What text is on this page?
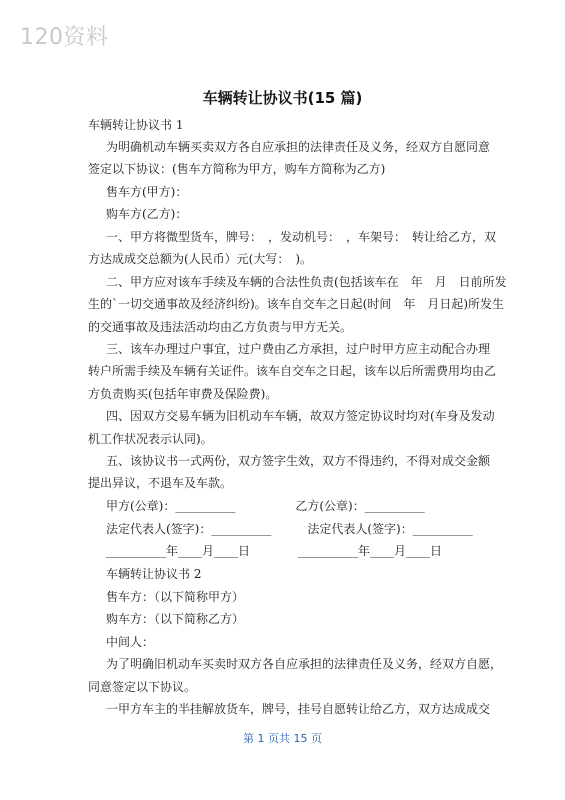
120资料
车辆转让协议书(15 篇)
车辆转让协议书 1
为明确机动车辆买卖双方各自应承担的法律责任及义务，经双方自愿同意
签定以下协议：(售车方简称为甲方，购车方简称为乙方)
售车方(甲方)：
购车方(乙方)：
一、甲方将微型货车，牌号：　，发动机号：　，车架号：　转让给乙方，双
方达成成交总额为(人民币）元(大写：　)。
二、甲方应对该车手续及车辆的合法性负责(包括该车在　年　月　日前所发
生的`一切交通事故及经济纠纷)。该车自交车之日起(时间　年　月日起)所发生
的交通事故及违法活动均由乙方负责与甲方无关。
三、该车办理过户事宜，过户费由乙方承担，过户时甲方应主动配合办理
转户所需手续及车辆有关证件。该车自交车之日起，该车以后所需费用均由乙
方负责购买(包括年审费及保险费)。
四、因双方交易车辆为旧机动车车辆，故双方签定协议时均对(车身及发动
机工作状况表示认同)。
五、该协议书一式两份，双方签字生效，双方不得违约，不得对成交金额
提出异议，不退车及车款。
甲方(公章)：__________　　　　　乙方(公章)：__________
法定代表人(签字)：__________　　　法定代表人(签字)：__________
__________年____月____日　　　　__________年____月____日
车辆转让协议书 2
售车方：（以下简称甲方）
购车方：（以下简称乙方）
中间人：
为了明确旧机动车买卖时双方各自应承担的法律责任及义务，经双方自愿，
同意签定以下协议。
一甲方车主的半挂解放货车，牌号，挂号自愿转让给乙方，双方达成成交
第 1 页共 15 页
